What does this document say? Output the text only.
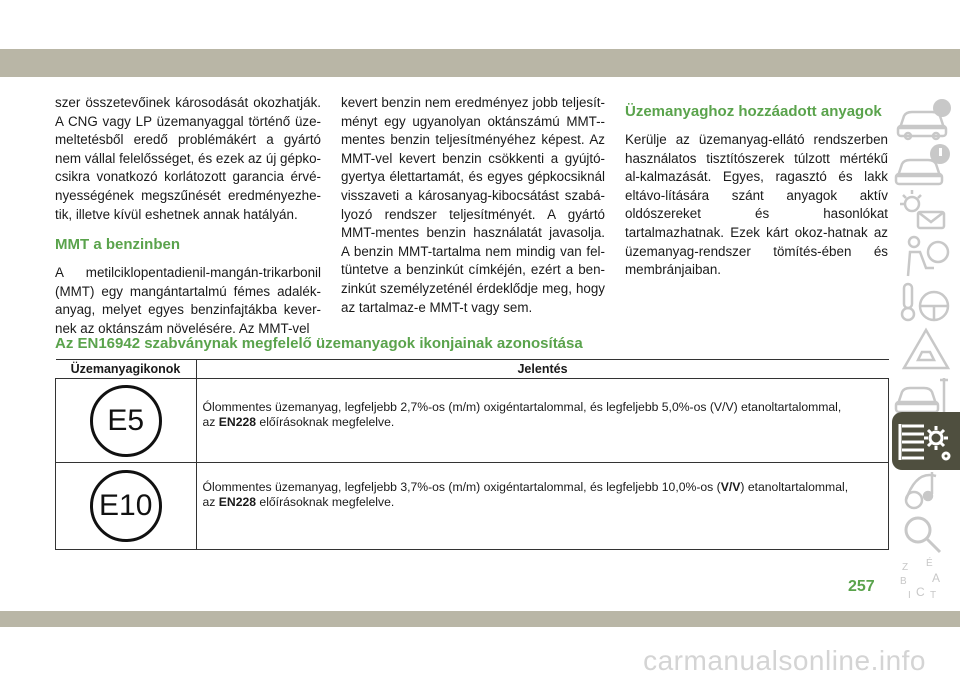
szer összetevőinek károsodását okozhatják. A CNG vagy LP üzemanyaggal történő üze-meltetésből eredő problémákért a gyártó nem vállal felelősséget, és ezek az új gépko-csikra vonatkozó korlátozott garancia érvé-nyességének megszűnését eredményezhe-tik, illetve kívül eshetnek annak hatályán.

MMT a benzinben

A metilciklopentadienil-mangán-trikarbonil (MMT) egy mangántartalmú fémes adalék-anyag, melyet egyes benzinfajtákba kever-nek az oktánszám növelésére. Az MMT-vel

kevert benzin nem eredményez jobb teljesít-ményt egy ugyanolyan oktánszámú MMT--mentes benzin teljesítményéhez képest. Az MMT-vel kevert benzin csökkenti a gyújtó-gyertya élettartamát, és egyes gépkocsiknál visszaveti a károsanyag-kibocsátást szabá-lyozó rendszer teljesítményét. A gyártó MMT-mentes benzin használatát javasolja. A benzin MMT-tartalma nem mindig van fel-tüntetve a benzinkút címkéjén, ezért a ben-zinkút személyzeténél érdeklődje meg, hogy az tartalmaz-e MMT-t vagy sem.

Üzemanyaghoz hozzáadott anyagok

Kerülje az üzemanyag-ellátó rendszerben használatos tisztítószerek túlzott mértékű al-kalmazását. Egyes, ragasztó és lakk eltávo-lítására szánt anyagok aktív oldószereket és hasonlókat tartalmazhatnak. Ezek kárt okoz-hatnak az üzemanyag-rendszer tömítés-ében és membránjaiban.

Az EN16942 szabványnak megfelelő üzemanyagok ikonjainak azonosítása
Üzemanyagikonok	Jelentés
E5	Ólommentes üzemanyag, legfeljebb 2,7%-os (m/m) oxigéntartalommal, és legfeljebb 5,0%-os (V/V) etanoltartalommal,
az EN228 előírásoknak megfelelve.

E10	Ólommentes üzemanyag, legfeljebb 3,7%-os (m/m) oxigéntartalommal, és legfeljebb 10,0%-os (V/V) etanoltartalommal,
az EN228 előírásoknak megfelelve.
Z É
B A
I C T
257
carmanualsonline.info
